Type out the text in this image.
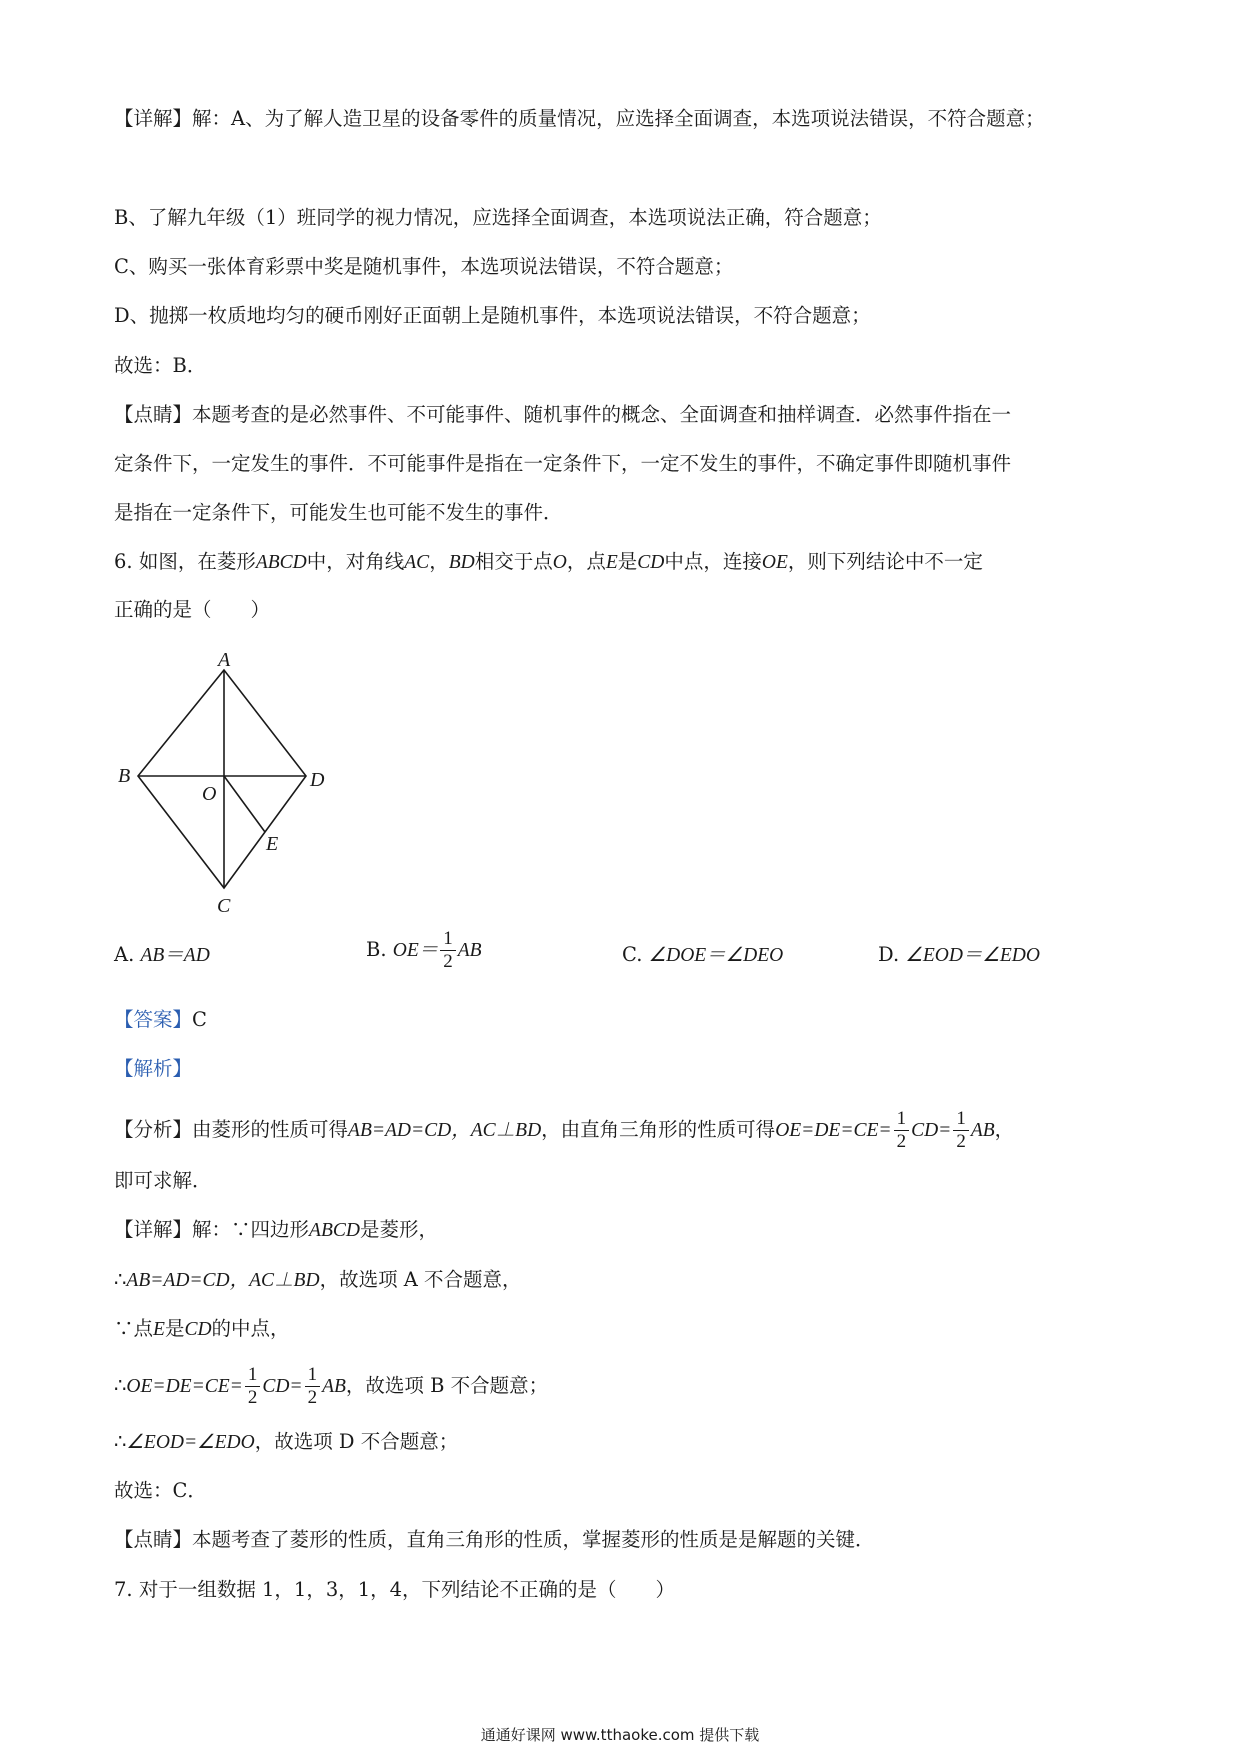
【详解】解：A、为了解人造卫星的设备零件的质量情况，应选择全面调查，本选项说法错误，不符合题意；
B、了解九年级（1）班同学的视力情况，应选择全面调查，本选项说法正确，符合题意；
C、购买一张体育彩票中奖是随机事件，本选项说法错误，不符合题意；
D、抛掷一枚质地均匀的硬币刚好正面朝上是随机事件，本选项说法错误，不符合题意；
故选：B．
【点睛】本题考查的是必然事件、不可能事件、随机事件的概念、全面调查和抽样调查．必然事件指在一
定条件下，一定发生的事件．不可能事件是指在一定条件下，一定不发生的事件，不确定事件即随机事件
是指在一定条件下，可能发生也可能不发生的事件．
6. 如图，在菱形ABCD中，对角线AC，BD相交于点O，点E是CD中点，连接OE，则下列结论中不一定
正确的是（　　）
A
B	D
O
E
C
A. AB＝AD	B. $OE= \frac{1}{2}$ AB	C. ∠DOE＝∠DEO	D. ∠EOD＝∠EDO
【答案】C
【解析】
【分析】由菱形的性质可得AB=AD=CD，AC⊥BD，由直角三角形的性质可得$OE=DE=CE= \frac{1}{2} CD= \frac{1}{2}$ AB，
即可求解．
【详解】解：∵四边形ABCD是菱形，
∴AB=AD=CD，AC⊥BD，故选项 A 不合题意，
∵点E是CD的中点，
∴OE=DE=CE= $\frac{1}{2} CD= \frac{1}{2}$ AB，故选项 B 不合题意；
∴∠EOD=∠EDO，故选项 D 不合题意；
故选：C．
【点睛】本题考查了菱形的性质，直角三角形的性质，掌握菱形的性质是是解题的关键．
7. 对于一组数据 1，1，3，1，4，下列结论不正确的是（　　）
通通好课网 www.tthaoke.com 提供下载
